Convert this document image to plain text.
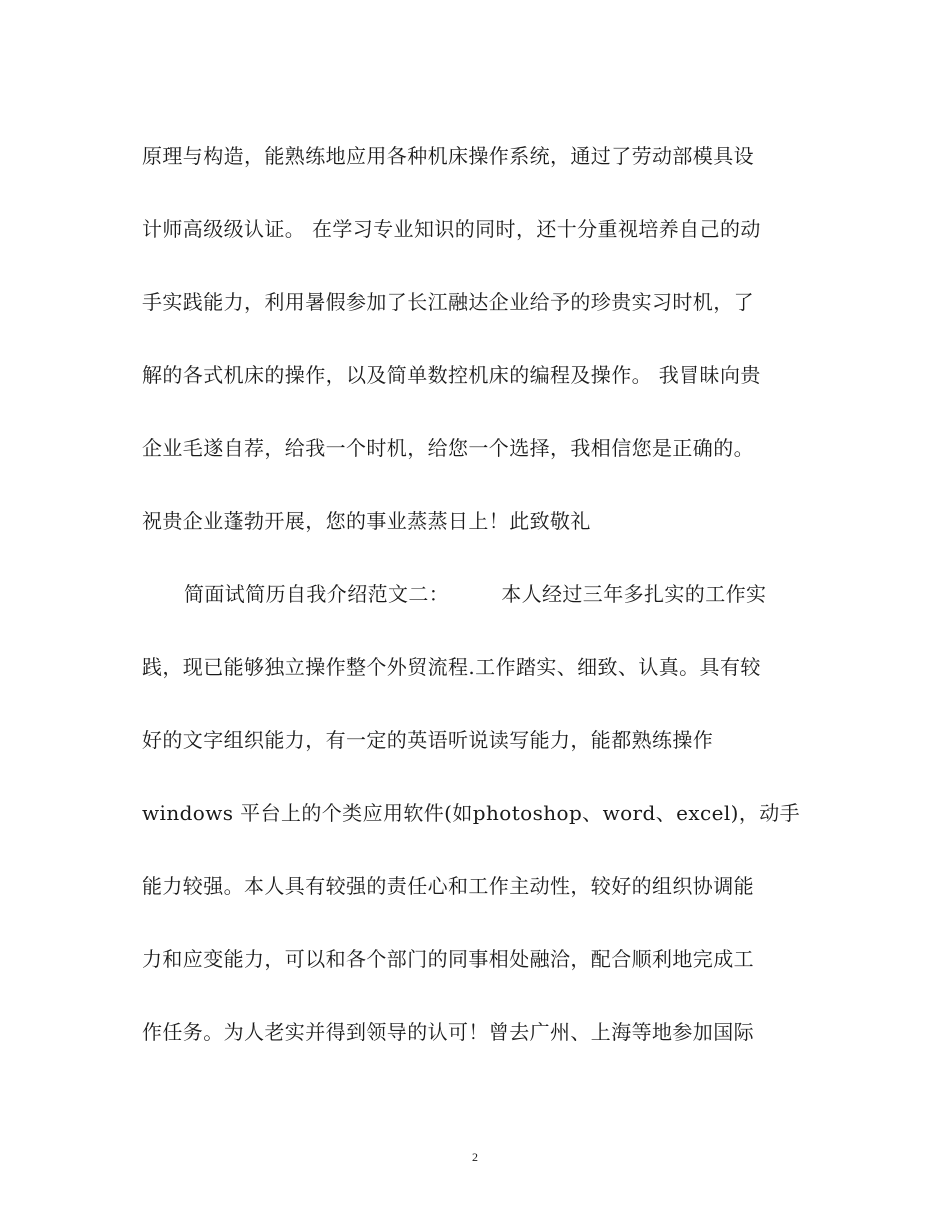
原理与构造，能熟练地应用各种机床操作系统，通过了劳动部模具设
计师高级级认证。 在学习专业知识的同时，还十分重视培养自己的动
手实践能力，利用暑假参加了长江融达企业给予的珍贵实习时机，了
解的各式机床的操作，以及简单数控机床的编程及操作。 我冒昧向贵
企业毛遂自荐，给我一个时机，给您一个选择，我相信您是正确的。
祝贵企业蓬勃开展，您的事业蒸蒸日上！此致敬礼
简面试简历自我介绍范文二：	本人经过三年多扎实的工作实
践，现已能够独立操作整个外贸流程.工作踏实、细致、认真。具有较
好的文字组织能力，有一定的英语听说读写能力，能都熟练操作
windows 平台上的个类应用软件(如photoshop、word、excel)，动手
能力较强。本人具有较强的责任心和工作主动性，较好的组织协调能
力和应变能力，可以和各个部门的同事相处融洽，配合顺利地完成工
作任务。为人老实并得到领导的认可！曾去广州、上海等地参加国际
2
